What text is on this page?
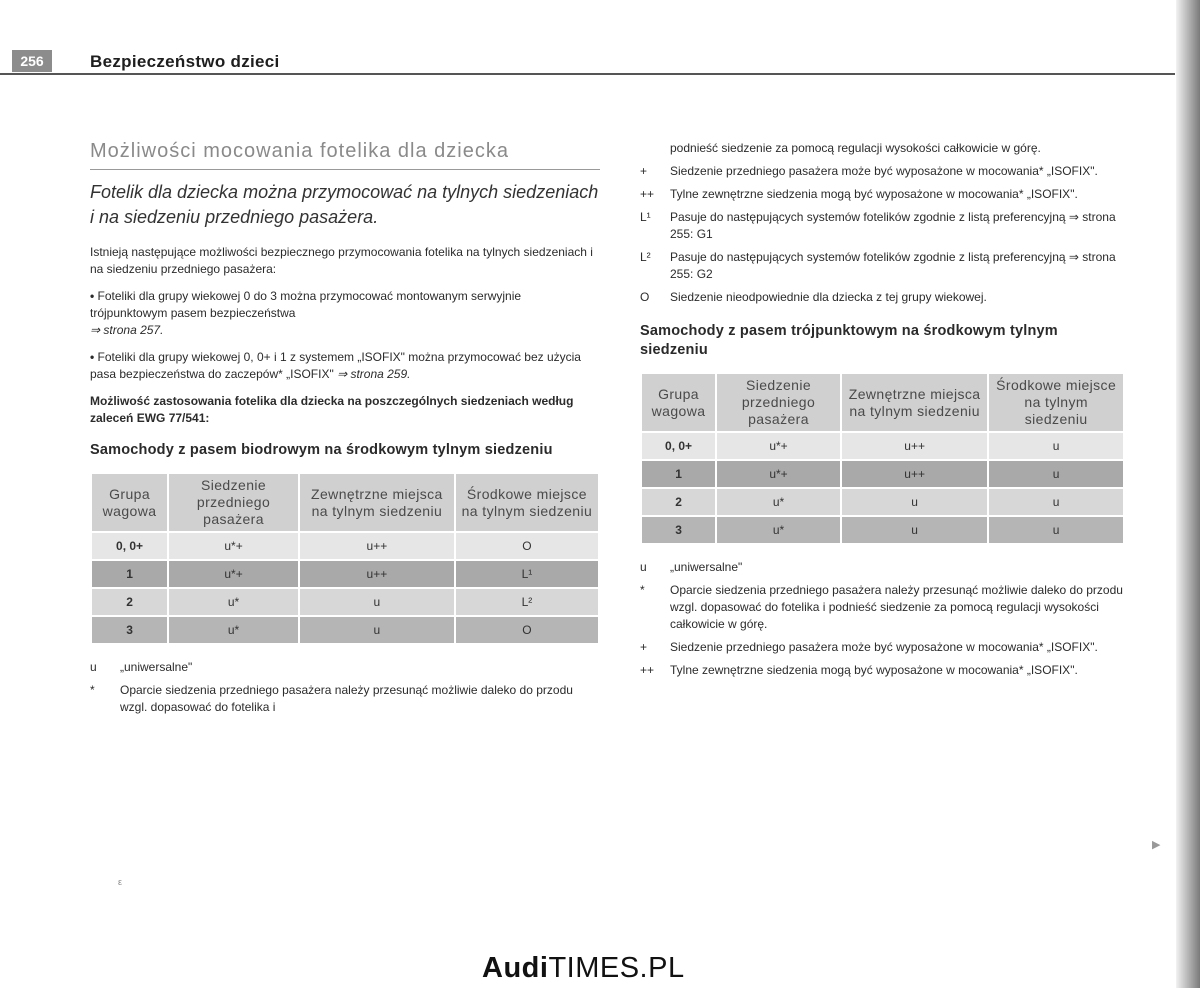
256	Bezpieczeństwo dzieci
Możliwości mocowania fotelika dla dziecka

Fotelik dla dziecka można przymocować na tylnych siedzeniach i na siedzeniu przedniego pasażera.

Istnieją następujące możliwości bezpiecznego przymocowania fotelika na tylnych siedzeniach i na siedzeniu przedniego pasażera:

• Foteliki dla grupy wiekowej 0 do 3 można przymocować montowanym serwyjnie trójpunktowym pasem bezpieczeństwa
⇒ strona 257.

• Foteliki dla grupy wiekowej 0, 0+ i 1 z systemem „ISOFIX" można przymocować bez użycia pasa bezpieczeństwa do zaczepów* „ISOFIX" ⇒ strona 259.

Możliwość zastosowania fotelika dla dziecka na poszczególnych siedzeniach według zaleceń EWG 77/541:

Samochody z pasem biodrowym na środkowym tylnym siedzeniu
Grupa wagowa	Siedzenie przedniego pasażera	Zewnętrzne miejsca na tylnym siedzeniu	Środkowe miejsce na tylnym siedzeniu
0, 0+	u*+	u++	O
1	u*+	u++	L¹
2	u*	u	L²
3	u*	u	O
u	„uniwersalne"
*	Oparcie siedzenia przedniego pasażera należy przesunąć możliwie daleko do przodu wzgl. dopasować do fotelika i
ε
podnieść siedzenie za pomocą regulacji wysokości całkowicie w górę.
+	Siedzenie przedniego pasażera może być wyposażone w mocowania* „ISOFIX".
++	Tylne zewnętrzne siedzenia mogą być wyposażone w mocowania* „ISOFIX".
L¹	Pasuje do następujących systemów fotelików zgodnie z listą preferencyjną ⇒ strona 255: G1
L²	Pasuje do następujących systemów fotelików zgodnie z listą preferencyjną ⇒ strona 255: G2
O	Siedzenie nieodpowiednie dla dziecka z tej grupy wiekowej.
Samochody z pasem trójpunktowym na środkowym tylnym siedzeniu
Grupa wagowa	Siedzenie przedniego pasażera	Zewnętrzne miejsca na tylnym siedzeniu	Środkowe miejsce na tylnym siedzeniu
0, 0+	u*+	u++	u
1	u*+	u++	u
2	u*	u	u
3	u*	u	u
u	„uniwersalne"
*	Oparcie siedzenia przedniego pasażera należy przesunąć możliwie daleko do przodu wzgl. dopasować do fotelika i podnieść siedzenie za pomocą regulacji wysokości całkowicie w górę.
+	Siedzenie przedniego pasażera może być wyposażone w mocowania* „ISOFIX".
++	Tylne zewnętrzne siedzenia mogą być wyposażone w mocowania* „ISOFIX".
▶
AudiTIMES.PL
